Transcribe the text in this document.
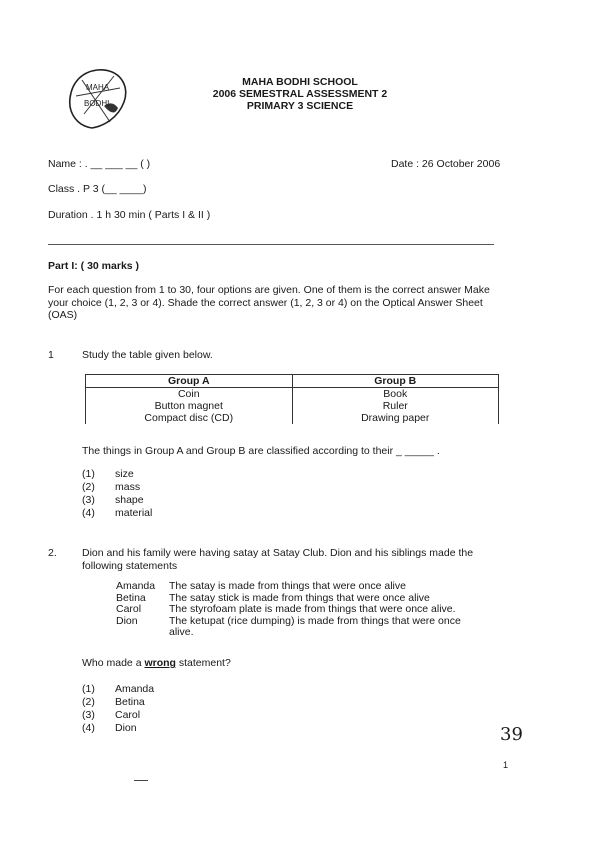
MAHA
BODHI
MAHA BODHI SCHOOL
2006 SEMESTRAL ASSESSMENT 2
PRIMARY 3 SCIENCE
Name : . __ ___ __ ( )	Date : 26 October 2006
Class . P 3 (__ ____)
Duration . 1 h 30 min ( Parts I & II )
Part I: ( 30 marks )
For each question from 1 to 30, four options are given. One of them is the correct answer Make your choice (1, 2, 3 or 4). Shade the correct answer (1, 2, 3 or 4) on the Optical Answer Sheet (OAS)
1	Study the table given below.
Group A	Group B
Coin	Book
Button magnet	Ruler
Compact disc (CD)	Drawing paper
The things in Group A and Group B are classified according to their _ _____ .
(1) size
(2) mass
(3) shape
(4) material
2. Dion and his family were having satay at Satay Club. Dion and his siblings made the following statements
Amanda The satay is made from things that were once alive
Betina The satay stick is made from things that were once alive
Carol	The styrofoam plate is made from things that were once alive.
Dion	The ketupat (rice dumping) is made from things that were once alive.
Who made a wrong statement?
(1) Amanda
(2) Betina
(3) Carol
(4) Dion	39
1
